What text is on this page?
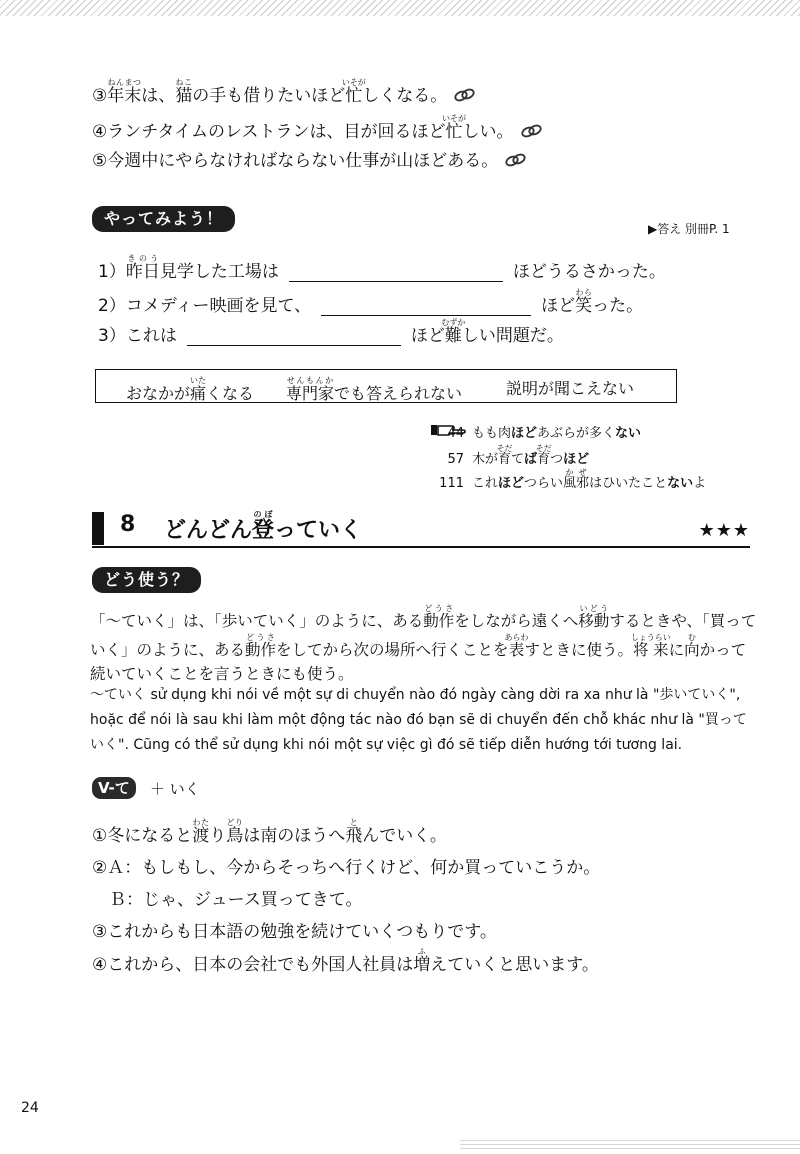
③年末ねんまつは、猫ねこの手も借りたいほど忙いそがしくなる。
④ランチタイムのレストランは、目が回るほど忙いそがしい。
⑤今週中にやらなければならない仕事が山ほどある。
やってみよう！
▶答え 別冊P. 1
1）昨日きのう見学した工場は	ほどうるさかった。
2）コメディー映画を見て、	ほど笑わらった。
3）これは	ほど難むずかしい問題だ。
おなかが痛いたくなる 専門家せんもんかでも答えられない	説明が聞こえない
44 もも肉ほどあぶらが多くない
57 木が育そだてば育そだつほど
111 これほどつらい風邪かぜはひいたことないよ
8 どんどん登のぼっていく	★★★
どう使う？
「～ていく」は、「歩いていく」のように、ある動作どうさをしながら遠くへ移動いどうするときや、「買って
いく」のように、ある動作どうさをしてから次の場所へ行くことを表あらわすときに使う。将来しょうらいに向むかって
続いていくことを言うときにも使う。
～ていく sử dụng khi nói về một sự di chuyển nào đó ngày càng dời ra xa như là "歩いていく", hoặc để nói là sau khi làm một động tác nào đó bạn sẽ di chuyển đến chỗ khác như là "買っていく". Cũng có thể sử dụng khi nói một sự việc gì đó sẽ tiếp diễn hướng tới tương lai.
V-て	＋ いく
①冬になると渡わたり鳥どりは南のほうへ飛とんでいく。
②Ａ：もしもし、今からそっちへ行くけど、何か買っていこうか。
　Ｂ：じゃ、ジュース買ってきて。
③これからも日本語の勉強を続けていくつもりです。
④これから、日本の会社でも外国人社員は増ふえていくと思います。
24
